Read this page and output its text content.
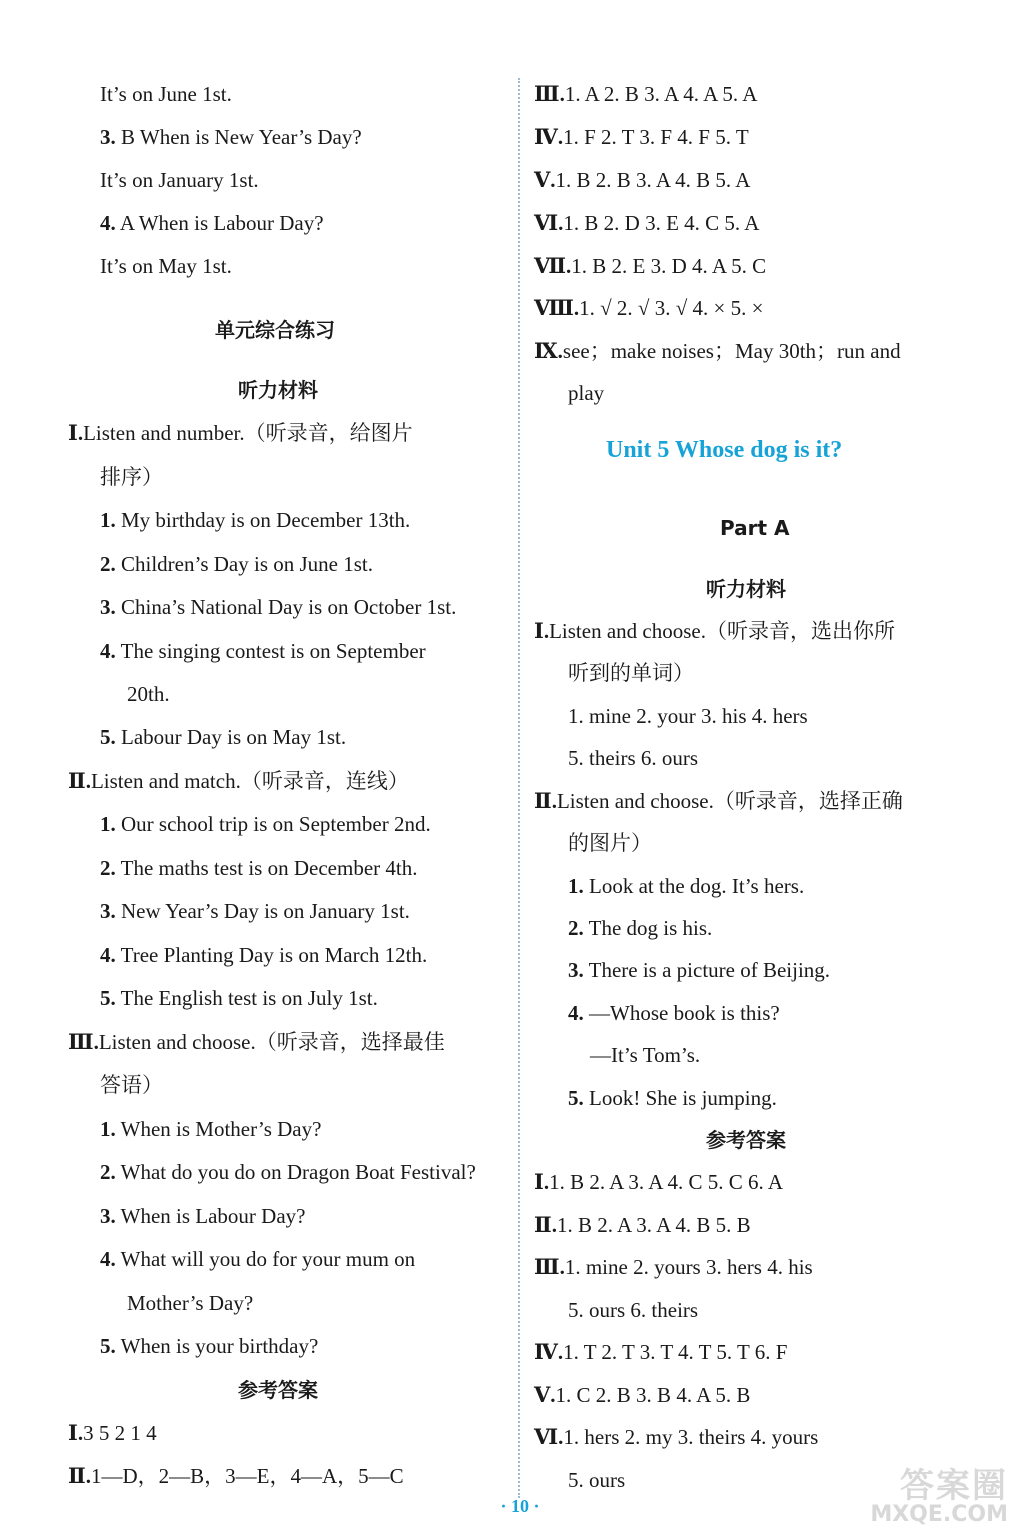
It’s on June 1st.
3. B When is New Year’s Day?
It’s on January 1st.
4. A When is Labour Day?
It’s on May 1st.
单元综合练习
听力材料
Ⅰ.Listen and number.（听录音，给图片
排序）
1. My birthday is on December 13th.
2. Children’s Day is on June 1st.
3. China’s National Day is on October 1st.
4. The singing contest is on September
20th.
5. Labour Day is on May 1st.
Ⅱ.Listen and match.（听录音，连线）
1. Our school trip is on September 2nd.
2. The maths test is on December 4th.
3. New Year’s Day is on January 1st.
4. Tree Planting Day is on March 12th.
5. The English test is on July 1st.
Ⅲ.Listen and choose.（听录音，选择最佳
答语）
1. When is Mother’s Day?
2. What do you do on Dragon Boat Festival?
3. When is Labour Day?
4. What will you do for your mum on
Mother’s Day?
5. When is your birthday?
参考答案
Ⅰ.3 5 2 1 4
Ⅱ.1—D，2—B，3—E，4—A，5—C
Ⅲ.1. A 2. B 3. A 4. A 5. A
Ⅳ.1. F 2. T 3. F 4. F 5. T
Ⅴ.1. B 2. B 3. A 4. B 5. A
Ⅵ.1. B 2. D 3. E 4. C 5. A
Ⅶ.1. B 2. E 3. D 4. A 5. C
Ⅷ.1. √ 2. √ 3. √ 4. × 5. ×
Ⅸ.see；make noises；May 30th；run and
play
Unit 5 Whose dog is it?
Part A
听力材料
Ⅰ.Listen and choose.（听录音，选出你所
听到的单词）
1. mine 2. your 3. his 4. hers
5. theirs 6. ours
Ⅱ.Listen and choose.（听录音，选择正确
的图片）
1. Look at the dog. It’s hers.
2. The dog is his.
3. There is a picture of Beijing.
4. —Whose book is this?
—It’s Tom’s.
5. Look! She is jumping.
参考答案
Ⅰ.1. B 2. A 3. A 4. C 5. C 6. A
Ⅱ.1. B 2. A 3. A 4. B 5. B
Ⅲ.1. mine 2. yours 3. hers 4. his
5. ours 6. theirs
Ⅳ.1. T 2. T 3. T 4. T 5. T 6. F
Ⅴ.1. C 2. B 3. B 4. A 5. B
Ⅵ.1. hers 2. my 3. theirs 4. yours
5. ours
· 10 ·	答案圈
MXQE.COM
